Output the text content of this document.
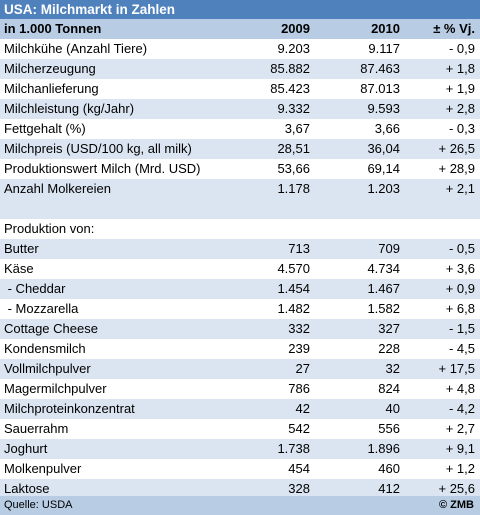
USA: Milchmarkt in Zahlen
in 1.000 Tonnen	2009	2010	± % Vj.
Milchkühe (Anzahl Tiere)	9.203	9.117	- 0,9
Milcherzeugung	85.882	87.463	+ 1,8
Milchanlieferung	85.423	87.013	+ 1,9
Milchleistung (kg/Jahr)	9.332	9.593	+ 2,8
Fettgehalt (%)	3,67	3,66	- 0,3
Milchpreis (USD/100 kg, all milk)	28,51	36,04	+ 26,5
Produktionswert Milch (Mrd. USD)	53,66	69,14	+ 28,9
Anzahl Molkereien	1.178	1.203	+ 2,1
Produktion von:
Butter	713	709	- 0,5
Käse	4.570	4.734	+ 3,6
- Cheddar	1.454	1.467	+ 0,9
- Mozzarella	1.482	1.582	+ 6,8
Cottage Cheese	332	327	- 1,5
Kondensmilch	239	228	- 4,5
Vollmilchpulver	27	32	+ 17,5
Magermilchpulver	786	824	+ 4,8
Milchproteinkonzentrat	42	40	- 4,2
Sauerrahm	542	556	+ 2,7
Joghurt	1.738	1.896	+ 9,1
Molkenpulver	454	460	+ 1,2
Laktose	328	412	+ 25,6
Quelle: USDA	© ZMB
